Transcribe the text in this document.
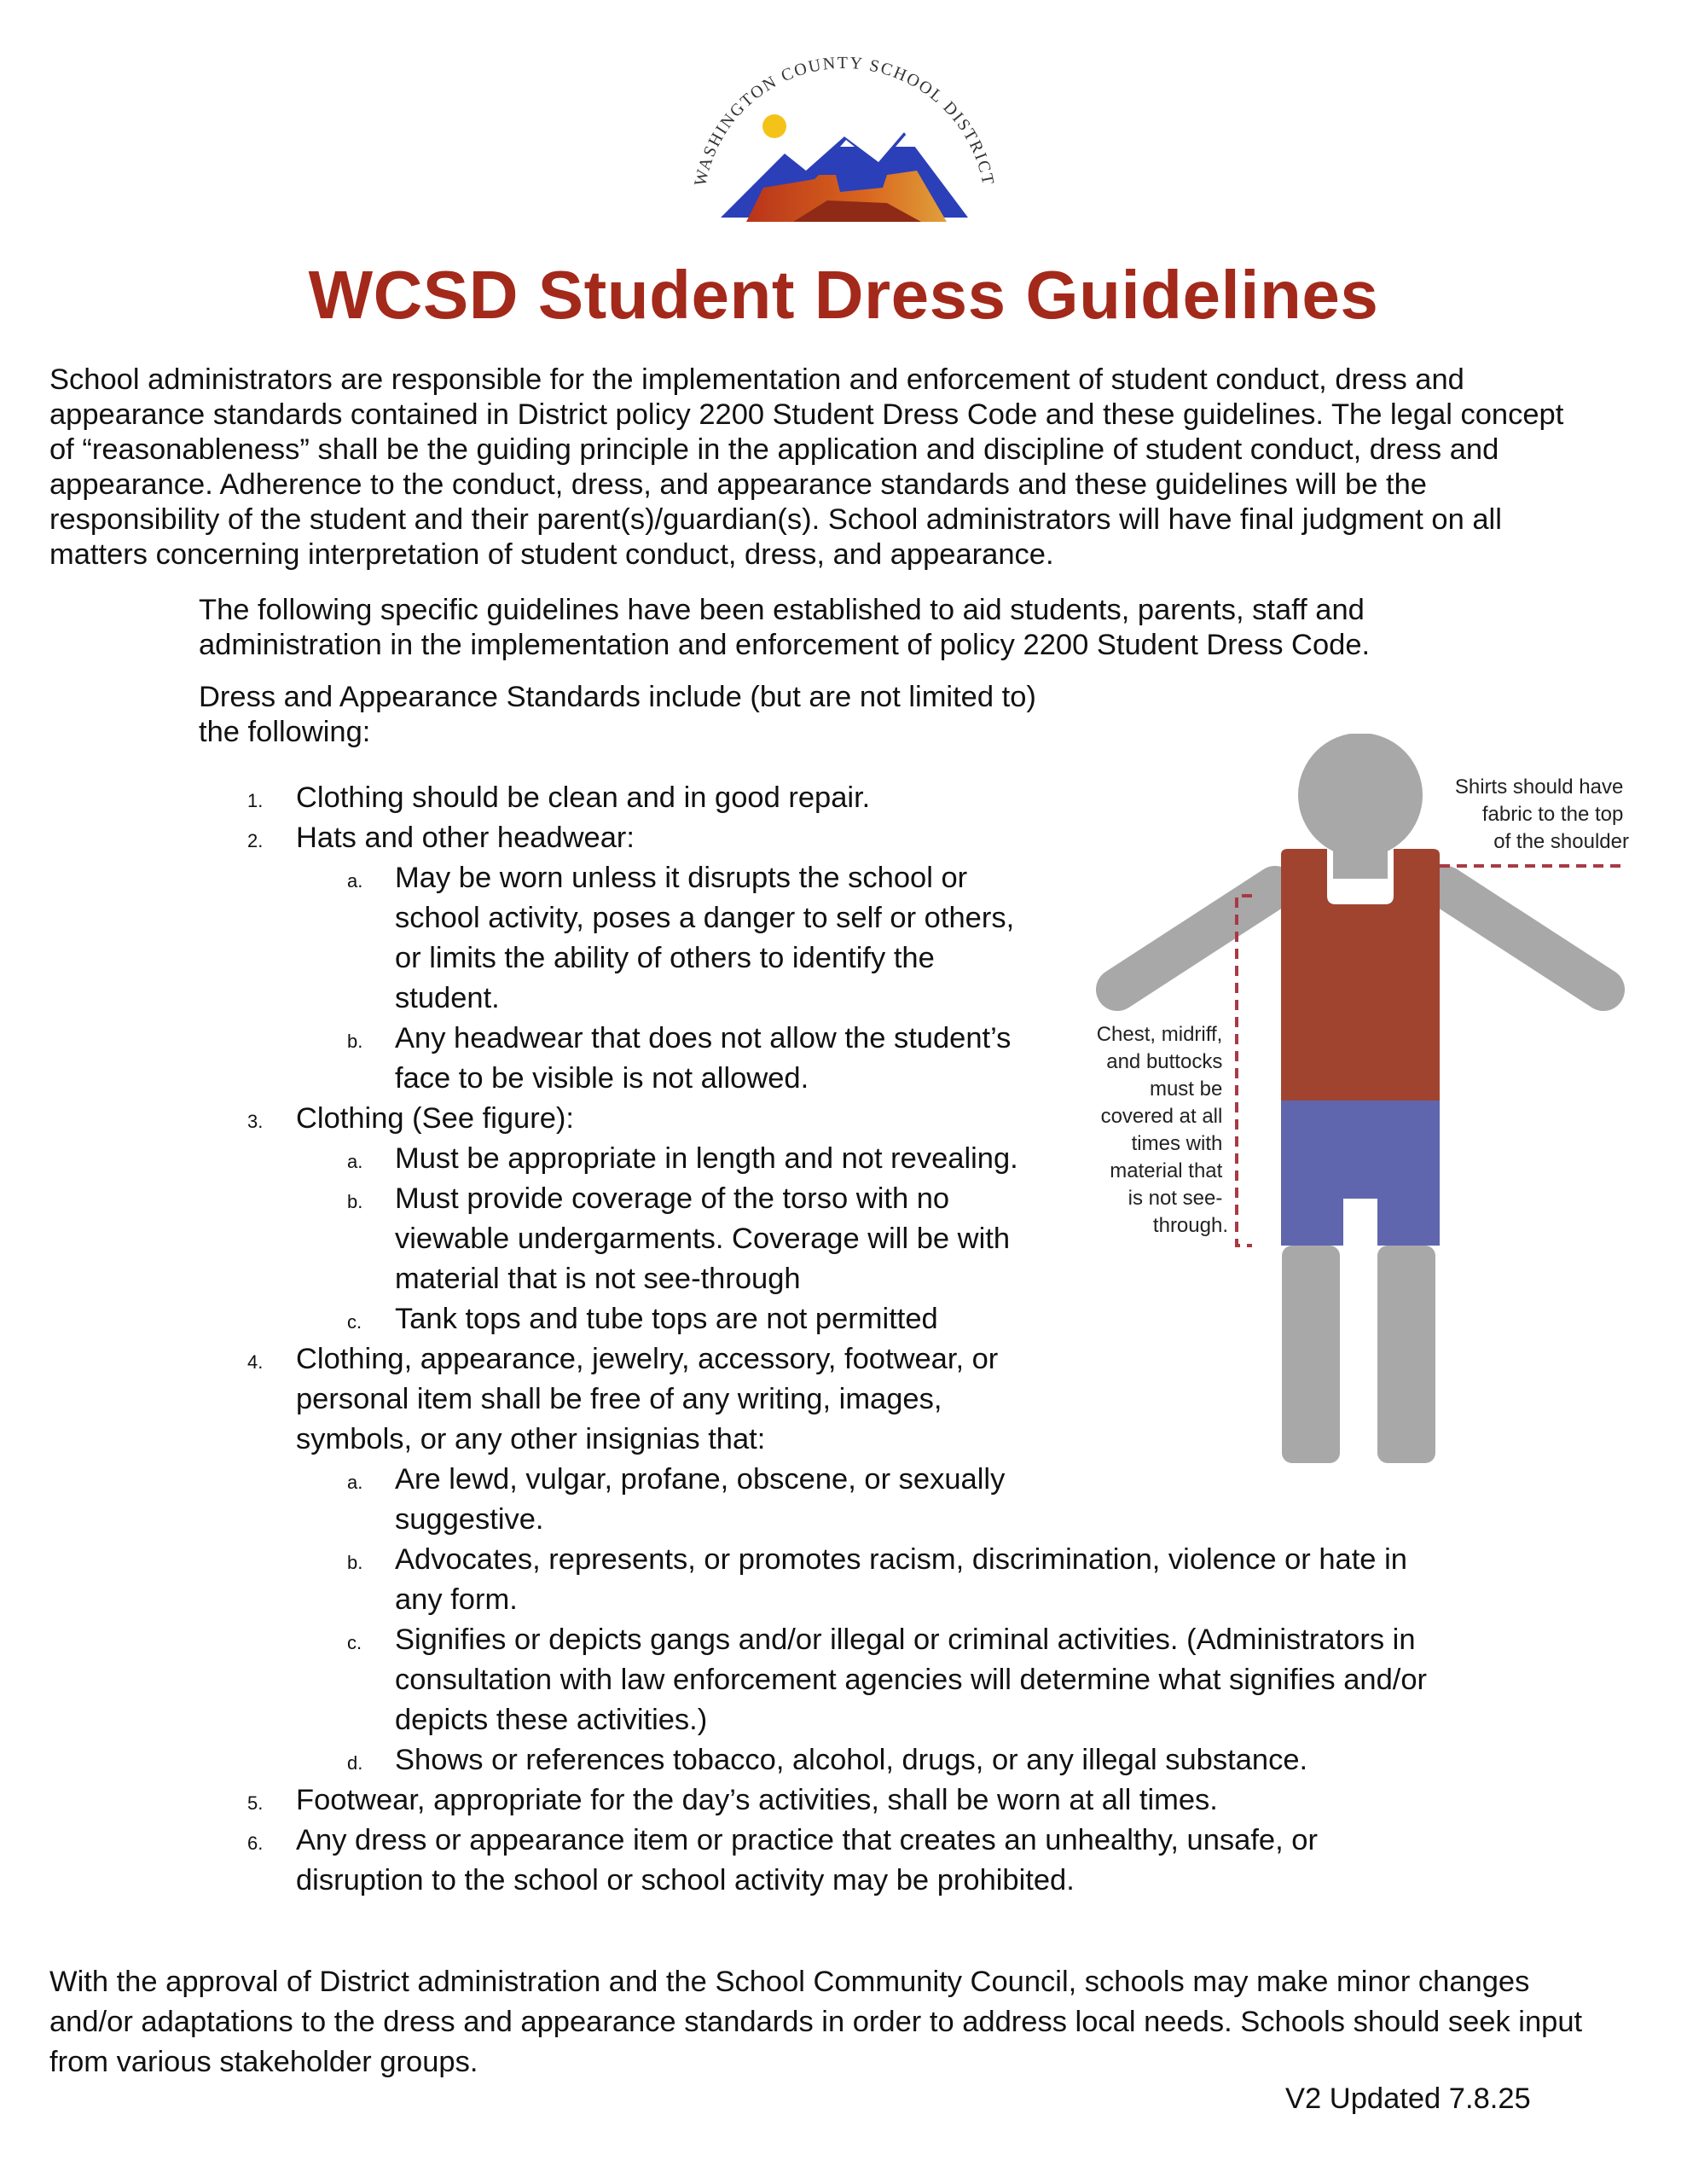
WASHINGTON COUNTY SCHOOL DISTRICT
WCSD Student Dress Guidelines
School administrators are responsible for the implementation and enforcement of student conduct, dress and
appearance standards contained in District policy 2200 Student Dress Code and these guidelines. The legal concept
of “reasonableness” shall be the guiding principle in the application and discipline of student conduct, dress and
appearance. Adherence to the conduct, dress, and appearance standards and these guidelines will be the
responsibility of the student and their parent(s)/guardian(s). School administrators will have final judgment on all
matters concerning interpretation of student conduct, dress, and appearance.
The following specific guidelines have been established to aid students, parents, staff and
administration in the implementation and enforcement of policy 2200 Student Dress Code.
Dress and Appearance Standards include (but are not limited to)
the following:
1. Clothing should be clean and in good repair.
2. Hats and other headwear:
a. May be worn unless it disrupts the school or
school activity, poses a danger to self or others,
or limits the ability of others to identify the
student.
b. Any headwear that does not allow the student’s
face to be visible is not allowed.
3. Clothing (See figure):
a. Must be appropriate in length and not revealing.
b. Must provide coverage of the torso with no
viewable undergarments. Coverage will be with
material that is not see-through
c. Tank tops and tube tops are not permitted
4. Clothing, appearance, jewelry, accessory, footwear, or
personal item shall be free of any writing, images,
symbols, or any other insignias that:
a. Are lewd, vulgar, profane, obscene, or sexually
suggestive.
b. Advocates, represents, or promotes racism, discrimination, violence or hate in
any form.
c. Signifies or depicts gangs and/or illegal or criminal activities. (Administrators in
consultation with law enforcement agencies will determine what signifies and/or
depicts these activities.)
d. Shows or references tobacco, alcohol, drugs, or any illegal substance.
5. Footwear, appropriate for the day’s activities, shall be worn at all times.
6. Any dress or appearance item or practice that creates an unhealthy, unsafe, or
disruption to the school or school activity may be prohibited.
Shirts should have fabric to the top of the shoulder
Chest, midriff, and buttocks must be covered at all times with material that is not see- through.
With the approval of District administration and the School Community Council, schools may make minor changes
and/or adaptations to the dress and appearance standards in order to address local needs. Schools should seek input
from various stakeholder groups.
V2 Updated 7.8.25
